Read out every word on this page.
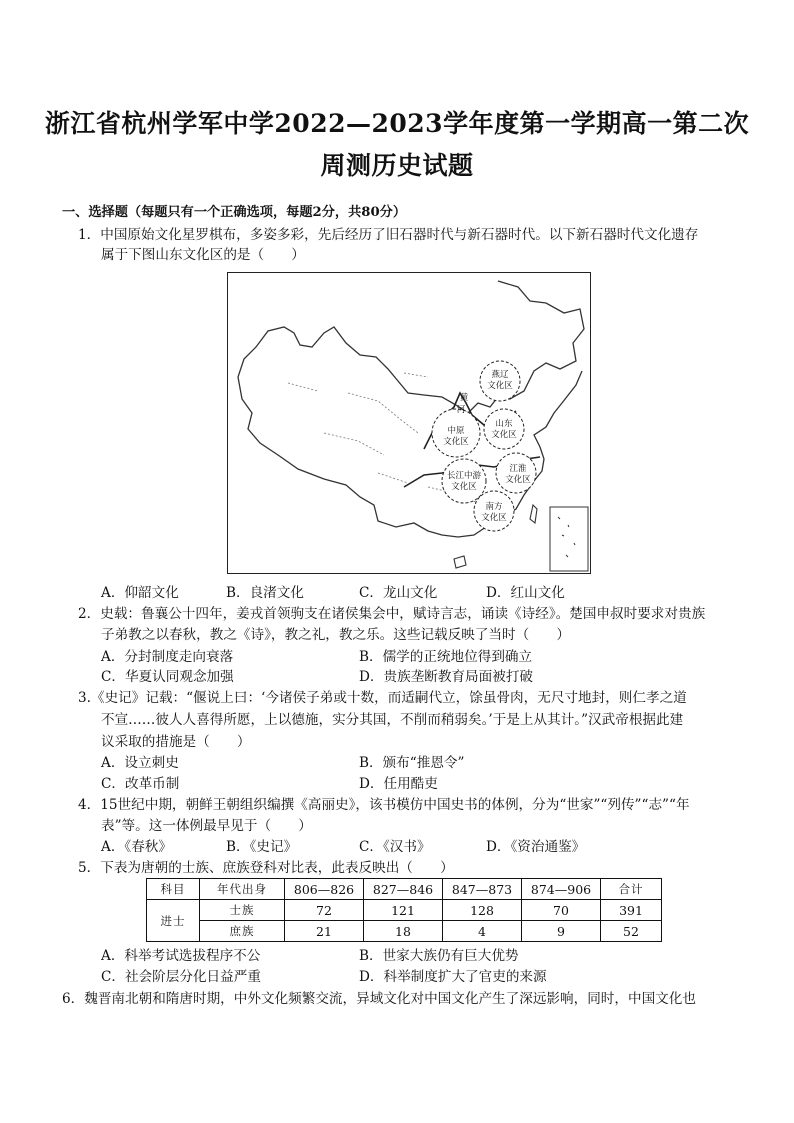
浙江省杭州学军中学2022—2023学年度第一学期高一第二次
周测历史试题
一、选择题（每题只有一个正确选项，每题2分，共80分）
1．中国原始文化星罗棋布，多姿多彩，先后经历了旧石器时代与新石器时代。以下新石器时代文化遗存
属于下图山东文化区的是（　　）
燕辽
文化区
中原
文化区
山东
文化区
长江中游
文化区
江淮
文化区
南方
文化区
黄
河
A．仰韶文化	B．良渚文化	C．龙山文化	D．红山文化
2．史载：鲁襄公十四年，姜戎首领驹支在诸侯集会中，赋诗言志，诵读《诗经》。楚国申叔时要求对贵族
子弟教之以春秋，教之《诗》，教之礼，教之乐。这些记载反映了当时（　　）
A．分封制度走向衰落	B．儒学的正统地位得到确立
C．华夏认同观念加强	D．贵族垄断教育局面被打破
3.《史记》记载：“偃说上曰：‘今诸侯子弟或十数，而适嗣代立，馀虽骨肉，无尺寸地封，则仁孝之道
不宣……彼人人喜得所愿，上以德施，实分其国，不削而稍弱矣。’于是上从其计。”汉武帝根据此建
议采取的措施是（　　）
A．设立刺史	B．颁布“推恩令”
C．改革币制	D．任用酷吏
4．15世纪中期，朝鲜王朝组织编撰《高丽史》，该书模仿中国史书的体例，分为“世家”“列传”“志”“年
表”等。这一体例最早见于（　　）
A．《春秋》	B．《史记》	C．《汉书》	D．《资治通鉴》
5．下表为唐朝的士族、庶族登科对比表，此表反映出（　　）
科目	年代出身	806—826	827—846	847—873	874—906	合计
进士	士族	72	121	128	70	391
	庶族	21	18	4	9	52
A．科举考试选拔程序不公	B．世家大族仍有巨大优势
C．社会阶层分化日益严重	D．科举制度扩大了官吏的来源
6．魏晋南北朝和隋唐时期，中外文化频繁交流，异域文化对中国文化产生了深远影响，同时，中国文化也
